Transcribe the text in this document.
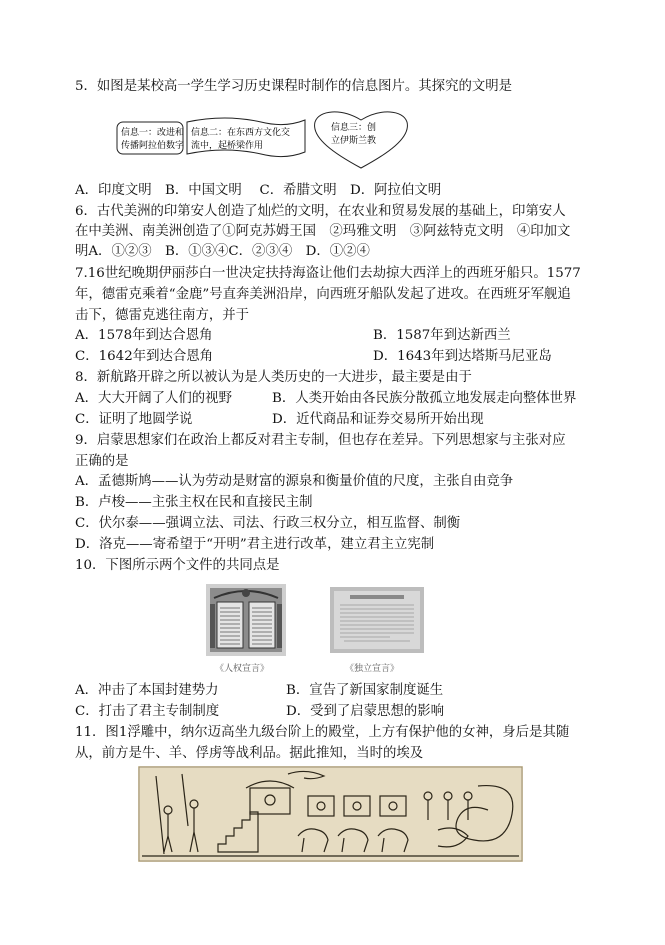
5．如图是某校高一学生学习历史课程时制作的信息图片。其探究的文明是
信息一：改进和
传播阿拉伯数字
信息二：在东西方文化交
流中，起桥梁作用
信息三：创
立伊斯兰教
A．印度文明　B．中国文明　 C．希腊文明　D．阿拉伯文明
6．古代美洲的印第安人创造了灿烂的文明，在农业和贸易发展的基础上，印第安人
在中美洲、南美洲创造了①阿克苏姆王国　②玛雅文明　③阿兹特克文明　④印加文
明A．①②③　B．①③④C．②③④　D．①②④
7.16世纪晚期伊丽莎白一世决定扶持海盗让他们去劫掠大西洋上的西班牙船只。1577
年，德雷克乘着“金鹿”号直奔美洲沿岸，向西班牙船队发起了进攻。在西班牙军舰追
击下，德雷克逃往南方，并于
A．1578年到达合恩角	B．1587年到达新西兰
C．1642年到达合恩角	D．1643年到达塔斯马尼亚岛
8．新航路开辟之所以被认为是人类历史的一大进步，最主要是由于
A．大大开阔了人们的视野	B．人类开始由各民族分散孤立地发展走向整体世界
C．证明了地圆学说	D．近代商品和证券交易所开始出现
9．启蒙思想家们在政治上都反对君主专制，但也存在差异。下列思想家与主张对应
正确的是
A．孟德斯鸠——认为劳动是财富的源泉和衡量价值的尺度，主张自由竞争
B．卢梭——主张主权在民和直接民主制
C．伏尔泰——强调立法、司法、行政三权分立，相互监督、制衡
D．洛克——寄希望于“开明”君主进行改革，建立君主立宪制
10．下图所示两个文件的共同点是
《人权宣言》	《独立宣言》
A．冲击了本国封建势力	B．宣告了新国家制度诞生
C．打击了君主专制制度	D．受到了启蒙思想的影响
11．图1浮雕中，纳尔迈高坐九级台阶上的殿堂，上方有保护他的女神，身后是其随
从，前方是牛、羊、俘虏等战利品。据此推知，当时的埃及
